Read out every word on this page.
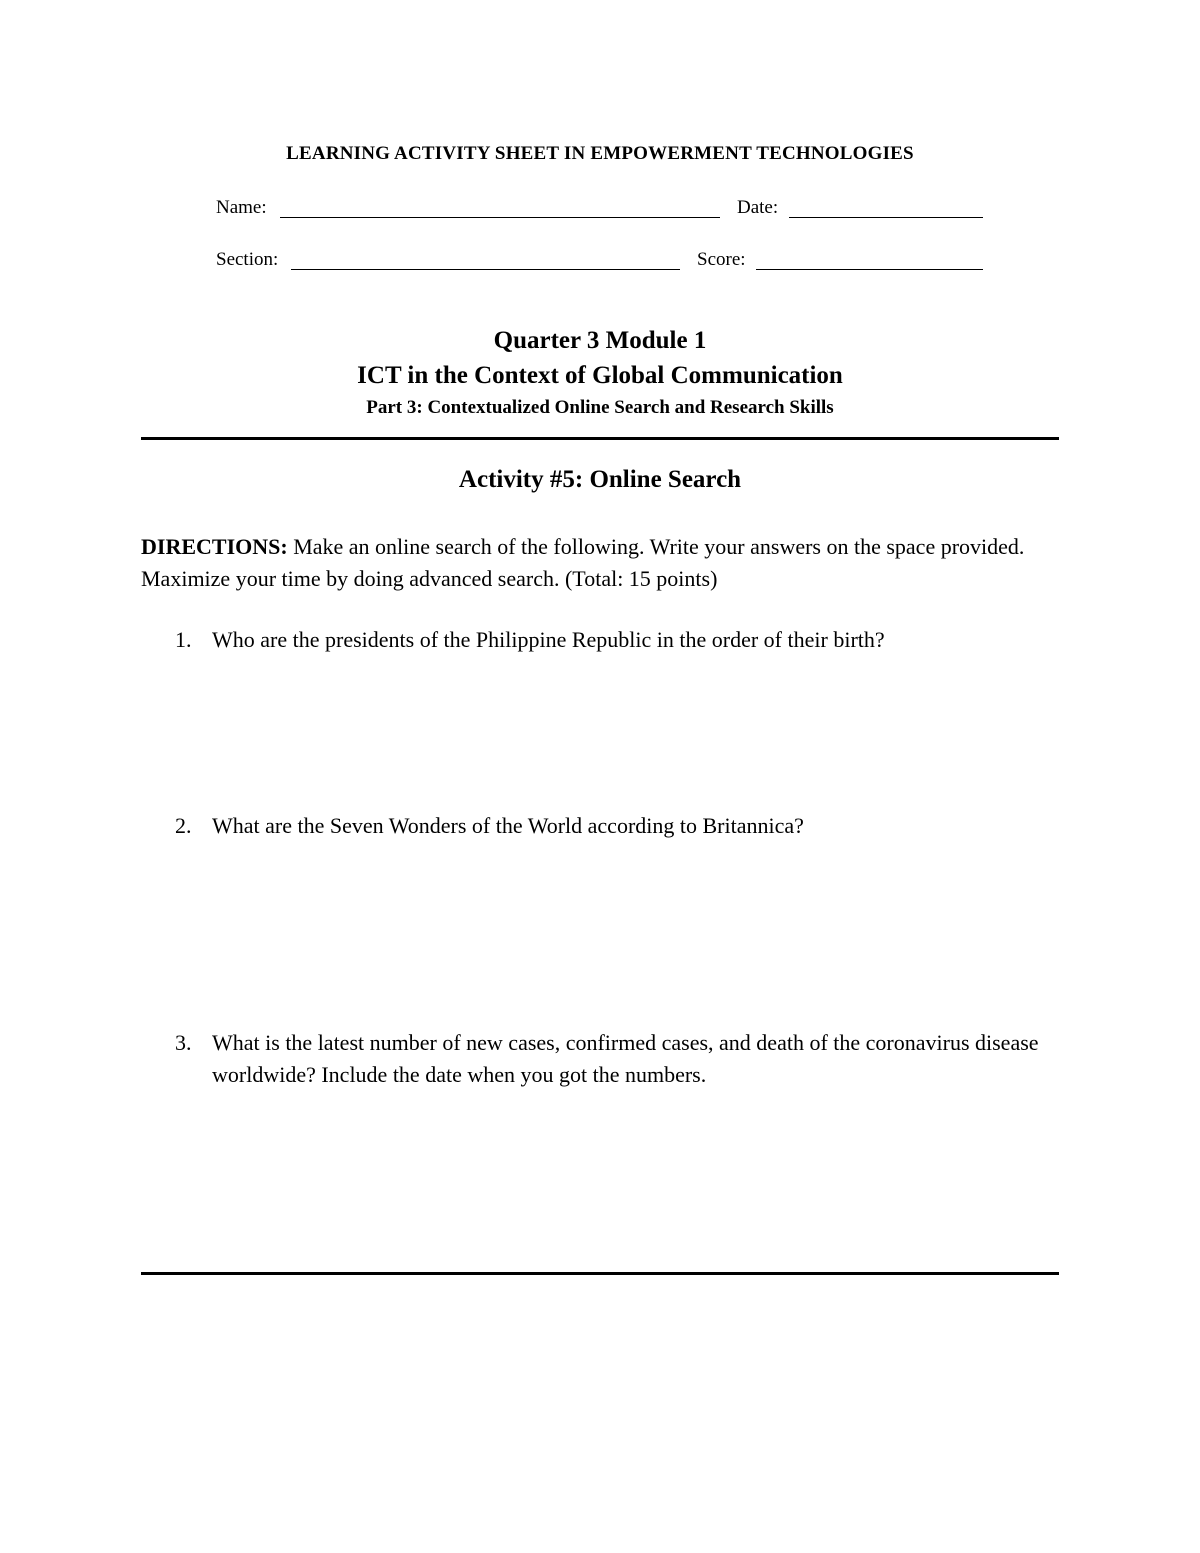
LEARNING ACTIVITY SHEET IN EMPOWERMENT TECHNOLOGIES
Name:	Date:
Section:	Score:
Quarter 3 Module 1
ICT in the Context of Global Communication
Part 3: Contextualized Online Search and Research Skills
Activity #5: Online Search
DIRECTIONS: Make an online search of the following. Write your answers on the space provided. Maximize your time by doing advanced search. (Total: 15 points)
1. Who are the presidents of the Philippine Republic in the order of their birth?
2. What are the Seven Wonders of the World according to Britannica?
3. What is the latest number of new cases, confirmed cases, and death of the coronavirus disease worldwide? Include the date when you got the numbers.
